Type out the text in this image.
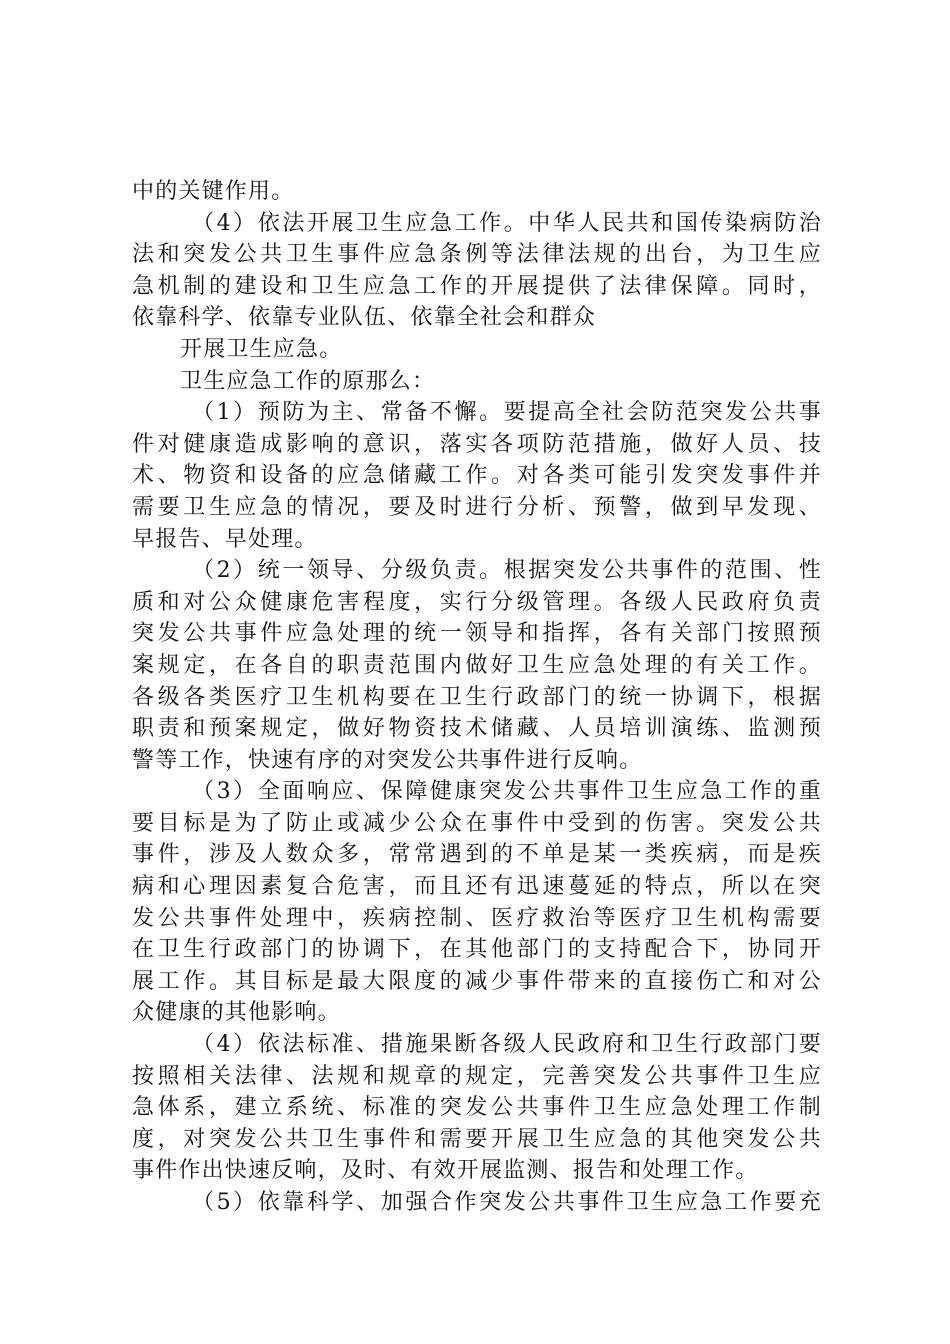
中的关键作用。
（4）依法开展卫生应急工作。中华人民共和国传染病防治
法和突发公共卫生事件应急条例等法律法规的出台，为卫生应
急机制的建设和卫生应急工作的开展提供了法律保障。同时，
依靠科学、依靠专业队伍、依靠全社会和群众
开展卫生应急。
卫生应急工作的原那么：
（1）预防为主、常备不懈。要提高全社会防范突发公共事
件对健康造成影响的意识，落实各项防范措施，做好人员、技
术、物资和设备的应急储藏工作。对各类可能引发突发事件并
需要卫生应急的情况，要及时进行分析、预警，做到早发现、
早报告、早处理。
（2）统一领导、分级负责。根据突发公共事件的范围、性
质和对公众健康危害程度，实行分级管理。各级人民政府负责
突发公共事件应急处理的统一领导和指挥，各有关部门按照预
案规定，在各自的职责范围内做好卫生应急处理的有关工作。
各级各类医疗卫生机构要在卫生行政部门的统一协调下，根据
职责和预案规定，做好物资技术储藏、人员培训演练、监测预
警等工作，快速有序的对突发公共事件进行反响。
（3）全面响应、保障健康突发公共事件卫生应急工作的重
要目标是为了防止或减少公众在事件中受到的伤害。突发公共
事件，涉及人数众多，常常遇到的不单是某一类疾病，而是疾
病和心理因素复合危害，而且还有迅速蔓延的特点，所以在突
发公共事件处理中，疾病控制、医疗救治等医疗卫生机构需要
在卫生行政部门的协调下，在其他部门的支持配合下，协同开
展工作。其目标是最大限度的减少事件带来的直接伤亡和对公
众健康的其他影响。
（4）依法标准、措施果断各级人民政府和卫生行政部门要
按照相关法律、法规和规章的规定，完善突发公共事件卫生应
急体系，建立系统、标准的突发公共事件卫生应急处理工作制
度，对突发公共卫生事件和需要开展卫生应急的其他突发公共
事件作出快速反响，及时、有效开展监测、报告和处理工作。
（5）依靠科学、加强合作突发公共事件卫生应急工作要充
